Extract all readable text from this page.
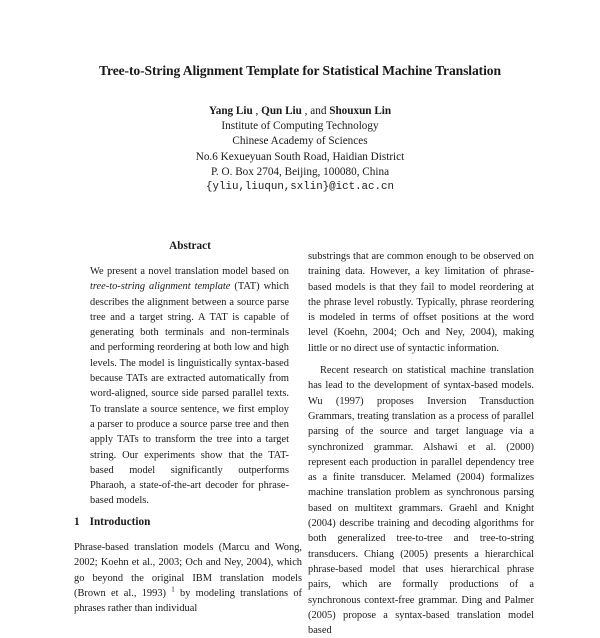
Tree-to-String Alignment Template for Statistical Machine Translation
Yang Liu , Qun Liu , and Shouxun Lin
Institute of Computing Technology
Chinese Academy of Sciences
No.6 Kexueyuan South Road, Haidian District
P. O. Box 2704, Beijing, 100080, China
{yliu,liuqun,sxlin}@ict.ac.cn
Abstract

We present a novel translation model based on tree-to-string alignment template (TAT) which describes the alignment between a source parse tree and a target string. A TAT is capable of generating both terminals and non-terminals and performing reordering at both low and high levels. The model is linguistically syntax-based because TATs are extracted automatically from word-aligned, source side parsed parallel texts. To translate a source sentence, we first employ a parser to produce a source parse tree and then apply TATs to transform the tree into a target string. Our experiments show that the TAT-based model significantly outperforms Pharaoh, a state-of-the-art decoder for phrase-based models.

1 Introduction

Phrase-based translation models (Marcu and Wong, 2002; Koehn et al., 2003; Och and Ney, 2004), which go beyond the original IBM translation models (Brown et al., 1993) $^1$ by modeling translations of phrases rather than individual

substrings that are common enough to be observed on training data. However, a key limitation of phrase-based models is that they fail to model reordering at the phrase level robustly. Typically, phrase reordering is modeled in terms of offset positions at the word level (Koehn, 2004; Och and Ney, 2004), making little or no direct use of syntactic information.

Recent research on statistical machine translation has lead to the development of syntax-based models. Wu (1997) proposes Inversion Transduction Grammars, treating translation as a process of parallel parsing of the source and target language via a synchronized grammar. Alshawi et al. (2000) represent each production in parallel dependency tree as a finite transducer. Melamed (2004) formalizes machine translation problem as synchronous parsing based on multitext grammars. Graehl and Knight (2004) describe training and decoding algorithms for both generalized tree-to-tree and tree-to-string transducers. Chiang (2005) presents a hierarchical phrase-based model that uses hierarchical phrase pairs, which are formally productions of a synchronous context-free grammar. Ding and Palmer (2005) propose a syntax-based translation model based
